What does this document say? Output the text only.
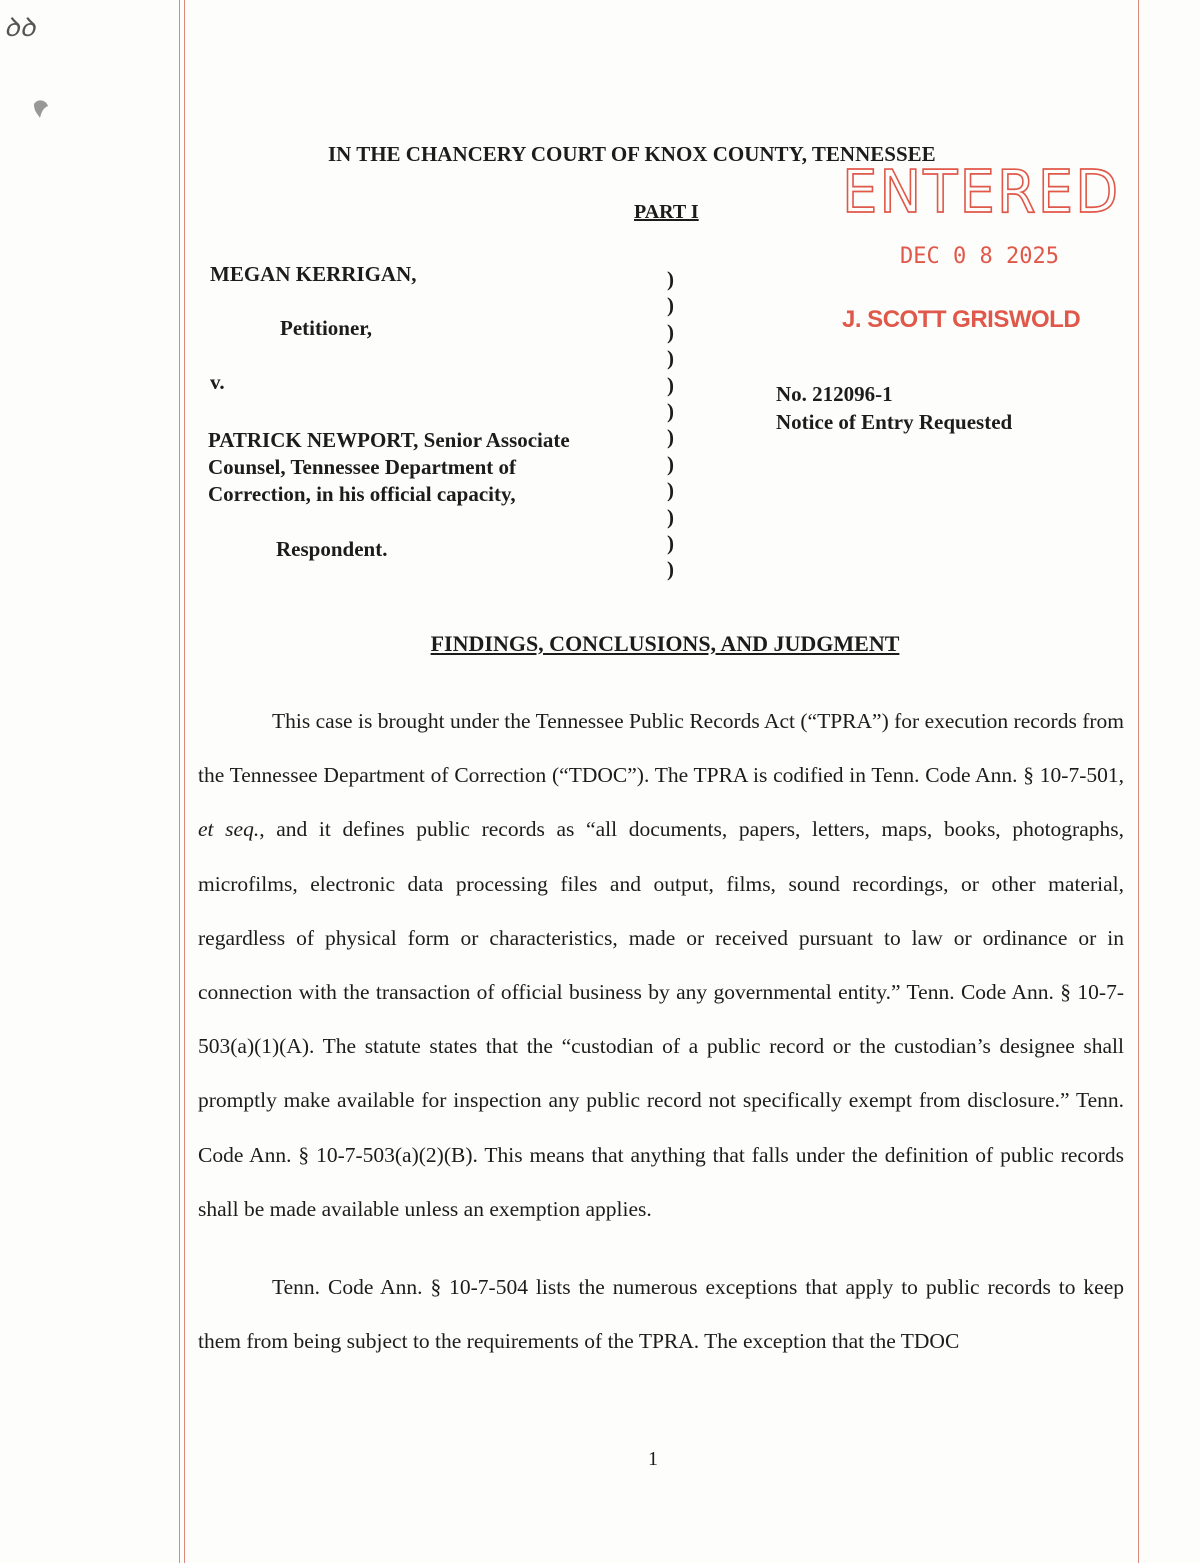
ꝺꝺ
IN THE CHANCERY COURT OF KNOX COUNTY, TENNESSEE
PART I
MEGAN KERRIGAN,
Petitioner,
v.
PATRICK NEWPORT, Senior Associate
Counsel, Tennessee Department of
Correction, in his official capacity,
Respondent.
)
)
)
)
)
)
)
)
)
)
)
)
No. 212096-1
Notice of Entry Requested
ENTERED
DEC 0 8 2025
J. SCOTT GRISWOLD
FINDINGS, CONCLUSIONS, AND JUDGMENT

This case is brought under the Tennessee Public Records Act (“TPRA”) for execution records from the Tennessee Department of Correction (“TDOC”). The TPRA is codified in Tenn. Code Ann. § 10-7-501, et seq., and it defines public records as “all documents, papers, letters, maps, books, photographs, microfilms, electronic data processing files and output, films, sound recordings, or other material, regardless of physical form or characteristics, made or received pursuant to law or ordinance or in connection with the transaction of official business by any governmental entity.” Tenn. Code Ann. § 10-7-503(a)(1)(A). The statute states that the “custodian of a public record or the custodian’s designee shall promptly make available for inspection any public record not specifically exempt from disclosure.” Tenn. Code Ann. § 10-7-503(a)(2)(B). This means that anything that falls under the definition of public records shall be made available unless an exemption applies.

Tenn. Code Ann. § 10-7-504 lists the numerous exceptions that apply to public records to keep them from being subject to the requirements of the TPRA. The exception that the TDOC

1
